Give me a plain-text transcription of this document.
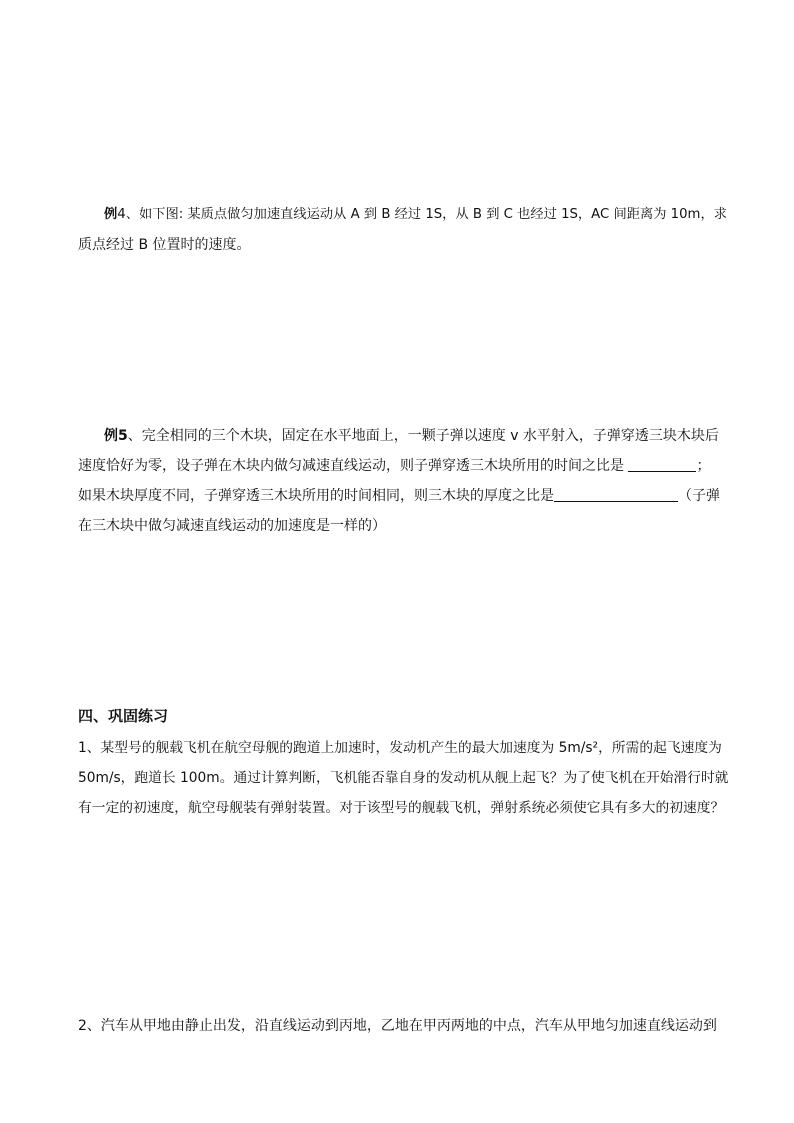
例4、如下图: 某质点做匀加速直线运动从 A 到 B 经过 1S，从 B 到 C 也经过 1S，AC 间距离为 10m，求
质点经过 B 位置时的速度。
例5、完全相同的三个木块，固定在水平地面上，一颗子弹以速度 v 水平射入，子弹穿透三块木块后
速度恰好为零，设子弹在木块内做匀减速直线运动，则子弹穿透三木块所用的时间之比是	；
如果木块厚度不同，子弹穿透三木块所用的时间相同，则三木块的厚度之比是	（子弹
在三木块中做匀减速直线运动的加速度是一样的）
四、巩固练习
1、某型号的舰载飞机在航空母舰的跑道上加速时，发动机产生的最大加速度为 5m/s²，所需的起飞速度为
50m/s，跑道长 100m。通过计算判断，飞机能否靠自身的发动机从舰上起飞？为了使飞机在开始滑行时就
有一定的初速度，航空母舰装有弹射装置。对于该型号的舰载飞机，弹射系统必须使它具有多大的初速度？
2、汽车从甲地由静止出发，沿直线运动到丙地，乙地在甲丙两地的中点，汽车从甲地匀加速直线运动到
